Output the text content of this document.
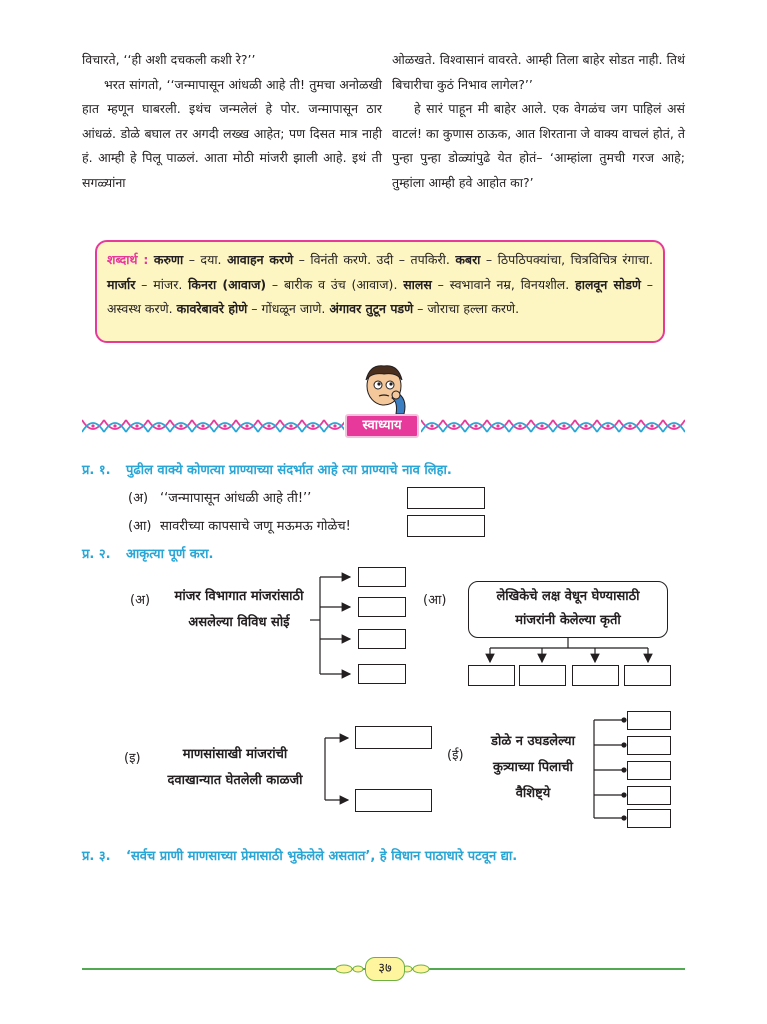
विचारते, ‘‘ही अशी दचकली कशी रे?’’

भरत सांगतो, ‘‘जन्मापासून आंधळी आहे ती! तुमचा अनोळखी हात म्हणून घाबरली. इथंच जन्मलेलं हे पोर. जन्मापासून ठार आंधळं. डोळे बघाल तर अगदी लख्ख आहेत; पण दिसत मात्र नाही हं. आम्ही हे पिलू पाळलं. आता मोठी मांजरी झाली आहे. इथं ती सगळ्यांना

ओळखते. विश्वासानं वावरते. आम्ही तिला बाहेर सोडत नाही. तिथं बिचारीचा कुठं निभाव लागेल?’’

हे सारं पाहून मी बाहेर आले. एक वेगळंच जग पाहिलं असं वाटलं! का कुणास ठाऊक, आत शिरताना जे वाक्य वाचलं होतं, ते पुन्हा पुन्हा डोळ्यांपुढे येत होतं– ‘आम्हांला तुमची गरज आहे; तुम्हांला आम्ही हवे आहोत का?’

शब्दार्थ : करुणा – दया. आवाहन करणे – विनंती करणे. उदी – तपकिरी. कबरा – ठिपठिपक्यांचा, चित्रविचित्र रंगाचा. मार्जार – मांजर. किनरा (आवाज) – बारीक व उंच (आवाज). सालस – स्वभावाने नम्र, विनयशील. हालवून सोडणे – अस्वस्थ करणे. कावरेबावरे होणे – गोंधळून जाणे. अंगावर तुटून पडणे – जोराचा हल्ला करणे.
स्वाध्याय
प्र. १. पुढील वाक्ये कोणत्या प्राण्याच्या संदर्भात आहे त्या प्राण्याचे नाव लिहा.
(अ) ‘‘जन्मापासून आंधळी आहे ती!’’
(आ) सावरीच्या कापसाचे जणू मऊमऊ गोळेच!
प्र. २. आकृत्या पूर्ण करा.
(अ)	मांजर विभागात मांजरांसाठी
असलेल्या विविध सोई
(आ)	लेखिकेचे लक्ष वेधून घेण्यासाठी
मांजरांनी केलेल्या कृती
(इ)	माणसांसाखी मांजरांची
दवाखान्यात घेतलेली काळजी
(ई)
डोळे न उघडलेल्या
कुत्र्याच्या पिलाची
वैशिष्ट्ये
प्र. ३. ‘सर्वच प्राणी माणसाच्या प्रेमासाठी भुकेलेले असतात’, हे विधान पाठाधारे पटवून द्या.
३७
